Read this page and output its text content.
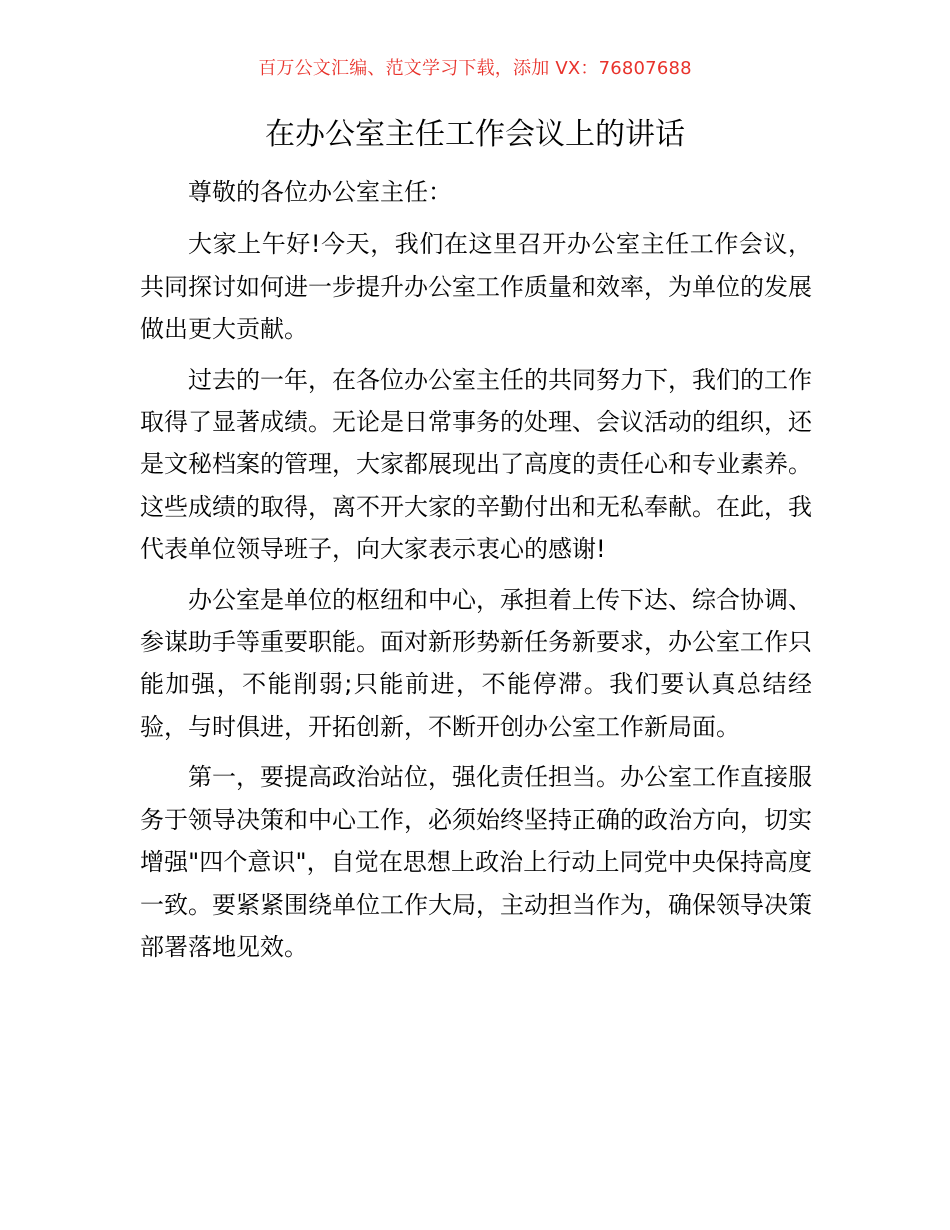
百万公文汇编、范文学习下载，添加 VX：76807688
在办公室主任工作会议上的讲话

尊敬的各位办公室主任：

大家上午好!今天，我们在这里召开办公室主任工作会议，共同探讨如何进一步提升办公室工作质量和效率，为单位的发展做出更大贡献。

过去的一年，在各位办公室主任的共同努力下，我们的工作取得了显著成绩。无论是日常事务的处理、会议活动的组织，还是文秘档案的管理，大家都展现出了高度的责任心和专业素养。这些成绩的取得，离不开大家的辛勤付出和无私奉献。在此，我代表单位领导班子，向大家表示衷心的感谢!

办公室是单位的枢纽和中心，承担着上传下达、综合协调、参谋助手等重要职能。面对新形势新任务新要求，办公室工作只能加强，不能削弱;只能前进，不能停滞。我们要认真总结经验，与时俱进，开拓创新，不断开创办公室工作新局面。

第一，要提高政治站位，强化责任担当。办公室工作直接服务于领导决策和中心工作，必须始终坚持正确的政治方向，切实增强"四个意识"，自觉在思想上政治上行动上同党中央保持高度一致。要紧紧围绕单位工作大局，主动担当作为，确保领导决策部署落地见效。
